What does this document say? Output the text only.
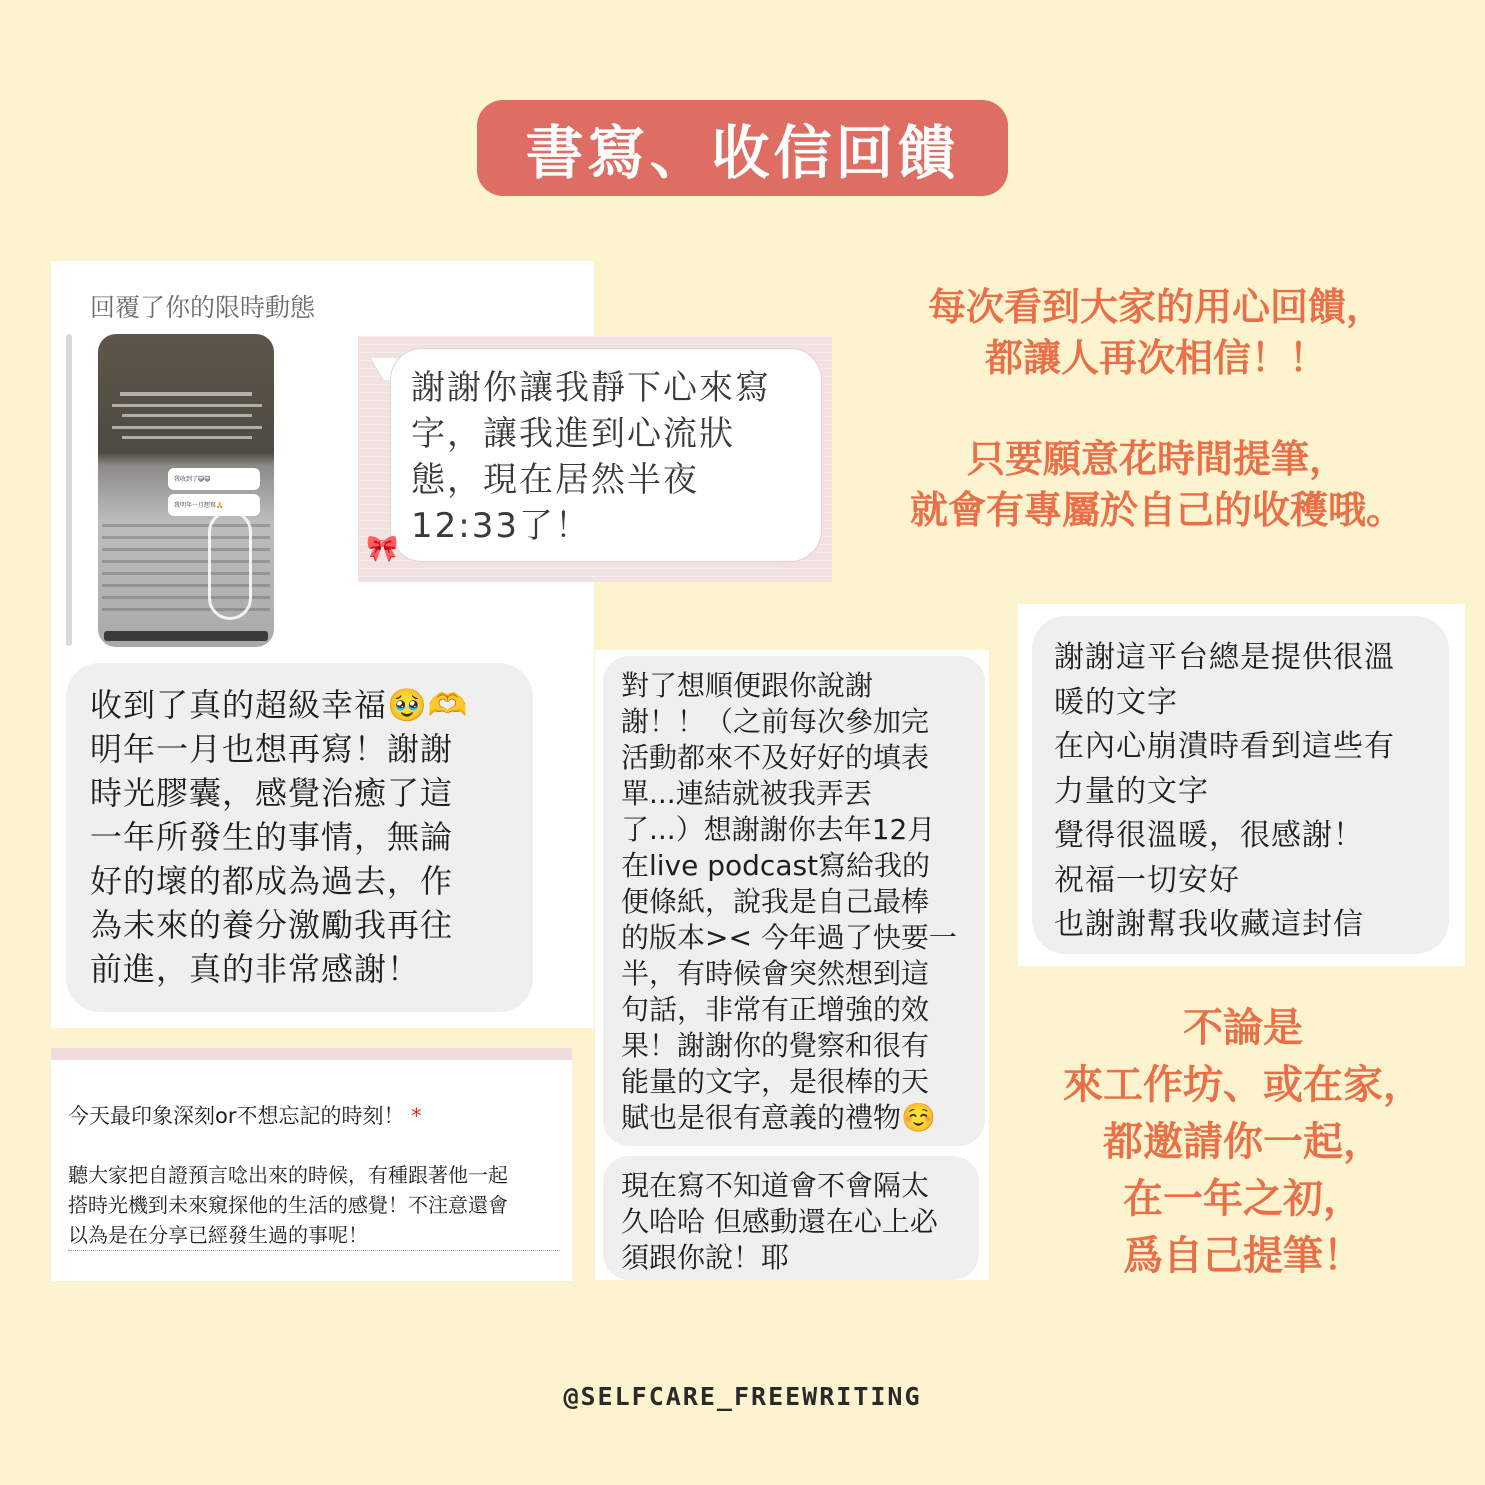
書寫、收信回饋
回覆了你的限時動態
我收到了😺😺
我明年一月想寫🙏
收到了真的超級幸福🥹🫶
明年一月也想再寫！謝謝
時光膠囊，感覺治癒了這
一年所發生的事情，無論
好的壞的都成為過去，作
為未來的養分激勵我再往
前進，真的非常感謝！
謝謝你讓我靜下心來寫
字，讓我進到心流狀
態，現在居然半夜
12:33了！
🎀
今天最印象深刻or不想忘記的時刻！ *
聽大家把自證預言唸出來的時候，有種跟著他一起
搭時光機到未來窺探他的生活的感覺！不注意還會
以為是在分享已經發生過的事呢！
對了想順便跟你說謝
謝！！（之前每次參加完
活動都來不及好好的填表
單...連結就被我弄丟
了...）想謝謝你去年12月
在live podcast寫給我的
便條紙，說我是自己最棒
的版本>< 今年過了快要一
半，有時候會突然想到這
句話，非常有正增強的效
果！謝謝你的覺察和很有
能量的文字，是很棒的天
賦也是很有意義的禮物☺️
現在寫不知道會不會隔太
久哈哈 但感動還在心上必
須跟你說！耶
謝謝這平台總是提供很溫
暖的文字
在內心崩潰時看到這些有
力量的文字
覺得很溫暖，很感謝！
祝福一切安好
也謝謝幫我收藏這封信
每次看到大家的用心回饋，
都讓人再次相信！！
只要願意花時間提筆，
就會有專屬於自己的收穫哦。
不論是
來工作坊、或在家，
都邀請你一起，
在一年之初，
爲自己提筆！
@SELFCARE_FREEWRITING
